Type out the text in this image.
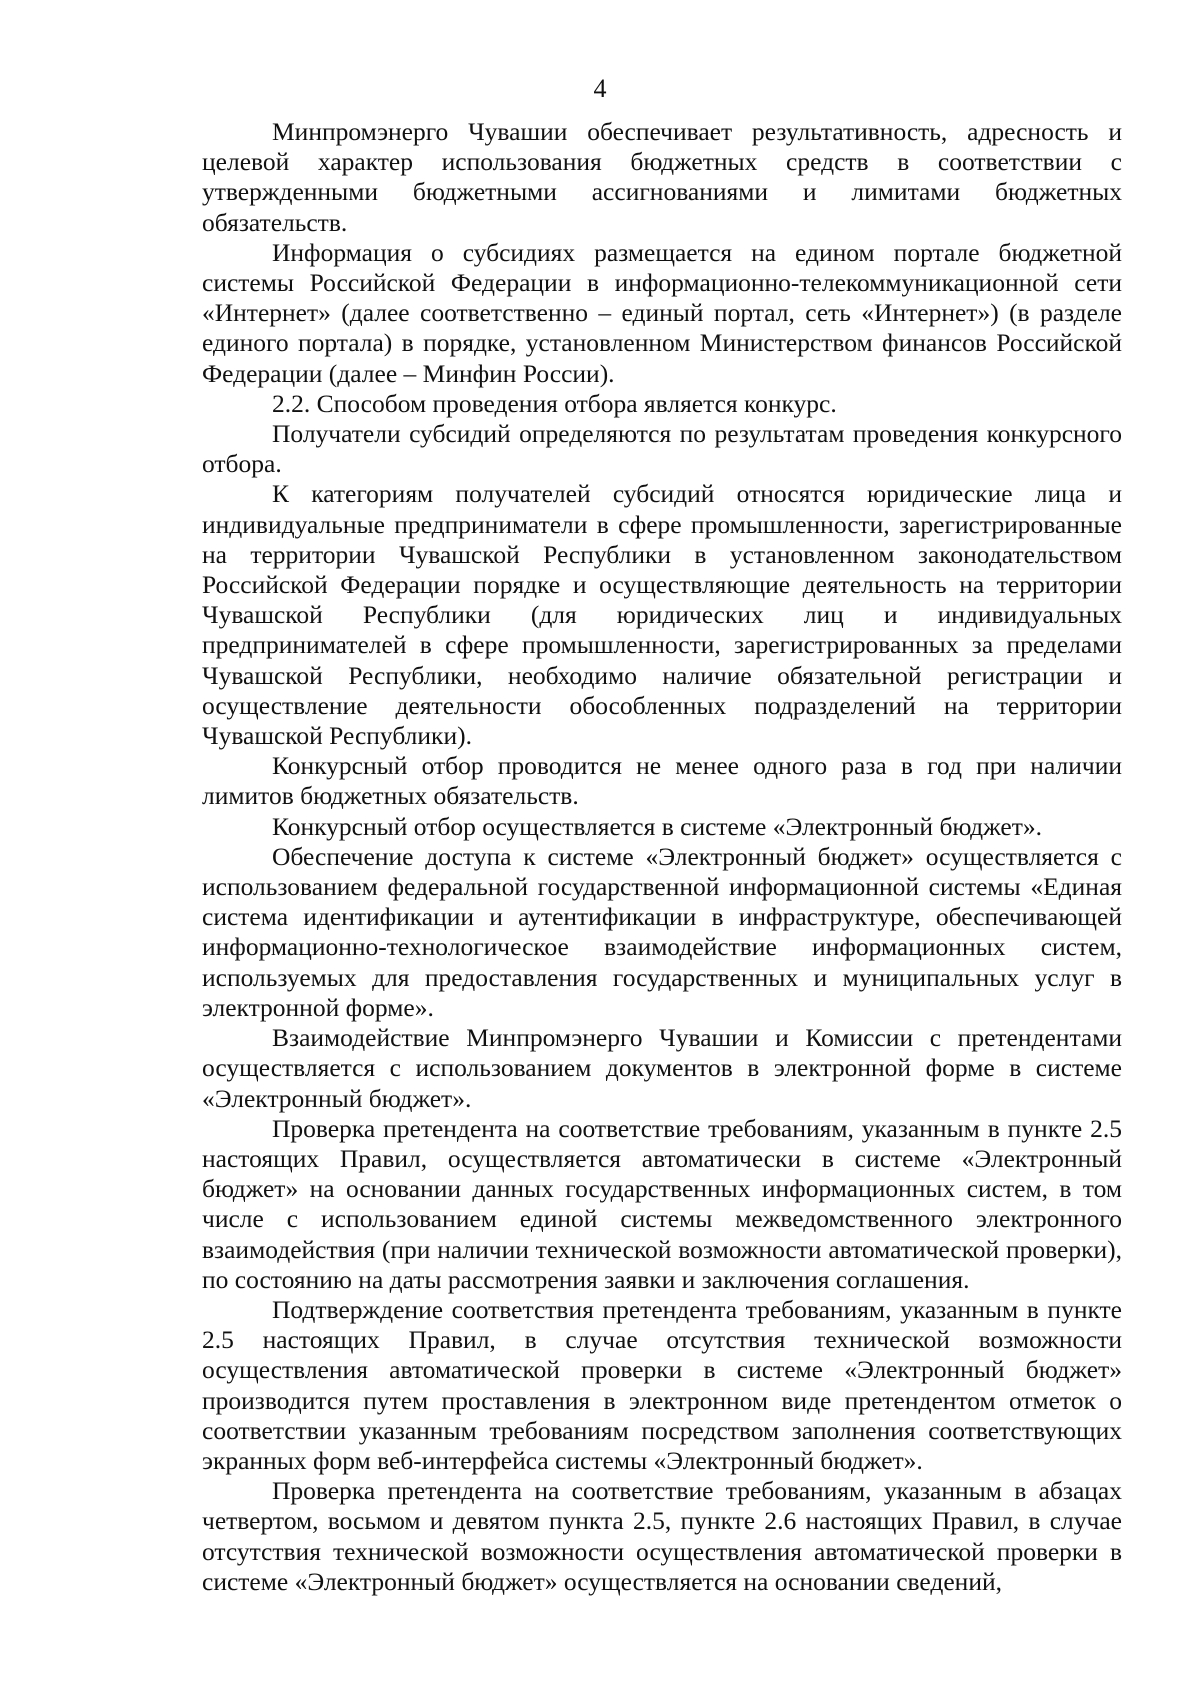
4

Минпромэнерго Чувашии обеспечивает результативность, адресность и целевой характер использования бюджетных средств в соответствии с утвержденными бюджетными ассигнованиями и лимитами бюджетных обязательств.

Информация о субсидиях размещается на едином портале бюджетной системы Российской Федерации в информационно-телекоммуникационной сети «Интернет» (далее соответственно – единый портал, сеть «Интернет») (в разделе единого портала) в порядке, установленном Министерством финансов Российской Федерации (далее – Минфин России).

2.2. Способом проведения отбора является конкурс.

Получатели субсидий определяются по результатам проведения конкурсного отбора.

К категориям получателей субсидий относятся юридические лица и индивидуальные предприниматели в сфере промышленности, зарегистрированные на территории Чувашской Республики в установленном законодательством Российской Федерации порядке и осуществляющие деятельность на территории Чувашской Республики (для юридических лиц и индивидуальных предпринимателей в сфере промышленности, зарегистрированных за пределами Чувашской Республики, необходимо наличие обязательной регистрации и осуществление деятельности обособленных подразделений на территории Чувашской Республики).

Конкурсный отбор проводится не менее одного раза в год при наличии лимитов бюджетных обязательств.

Конкурсный отбор осуществляется в системе «Электронный бюджет».

Обеспечение доступа к системе «Электронный бюджет» осуществляется с использованием федеральной государственной информационной системы «Единая система идентификации и аутентификации в инфраструктуре, обеспечивающей информационно-технологическое взаимодействие информационных систем, используемых для предоставления государственных и муниципальных услуг в электронной форме».

Взаимодействие Минпромэнерго Чувашии и Комиссии с претендентами осуществляется с использованием документов в электронной форме в системе «Электронный бюджет».

Проверка претендента на соответствие требованиям, указанным в пункте 2.5 настоящих Правил, осуществляется автоматически в системе «Электронный бюджет» на основании данных государственных информационных систем, в том числе с использованием единой системы межведомственного электронного взаимодействия (при наличии технической возможности автоматической проверки), по состоянию на даты рассмотрения заявки и заключения соглашения.

Подтверждение соответствия претендента требованиям, указанным в пункте 2.5 настоящих Правил, в случае отсутствия технической возможности осуществления автоматической проверки в системе «Электронный бюджет» производится путем проставления в электронном виде претендентом отметок о соответствии указанным требованиям посредством заполнения соответствующих экранных форм веб-интерфейса системы «Электронный бюджет».

Проверка претендента на соответствие требованиям, указанным в абзацах четвертом, восьмом и девятом пункта 2.5, пункте 2.6 настоящих Правил, в случае отсутствия технической возможности осуществления автоматической проверки в системе «Электронный бюджет» осуществляется на основании сведений,
